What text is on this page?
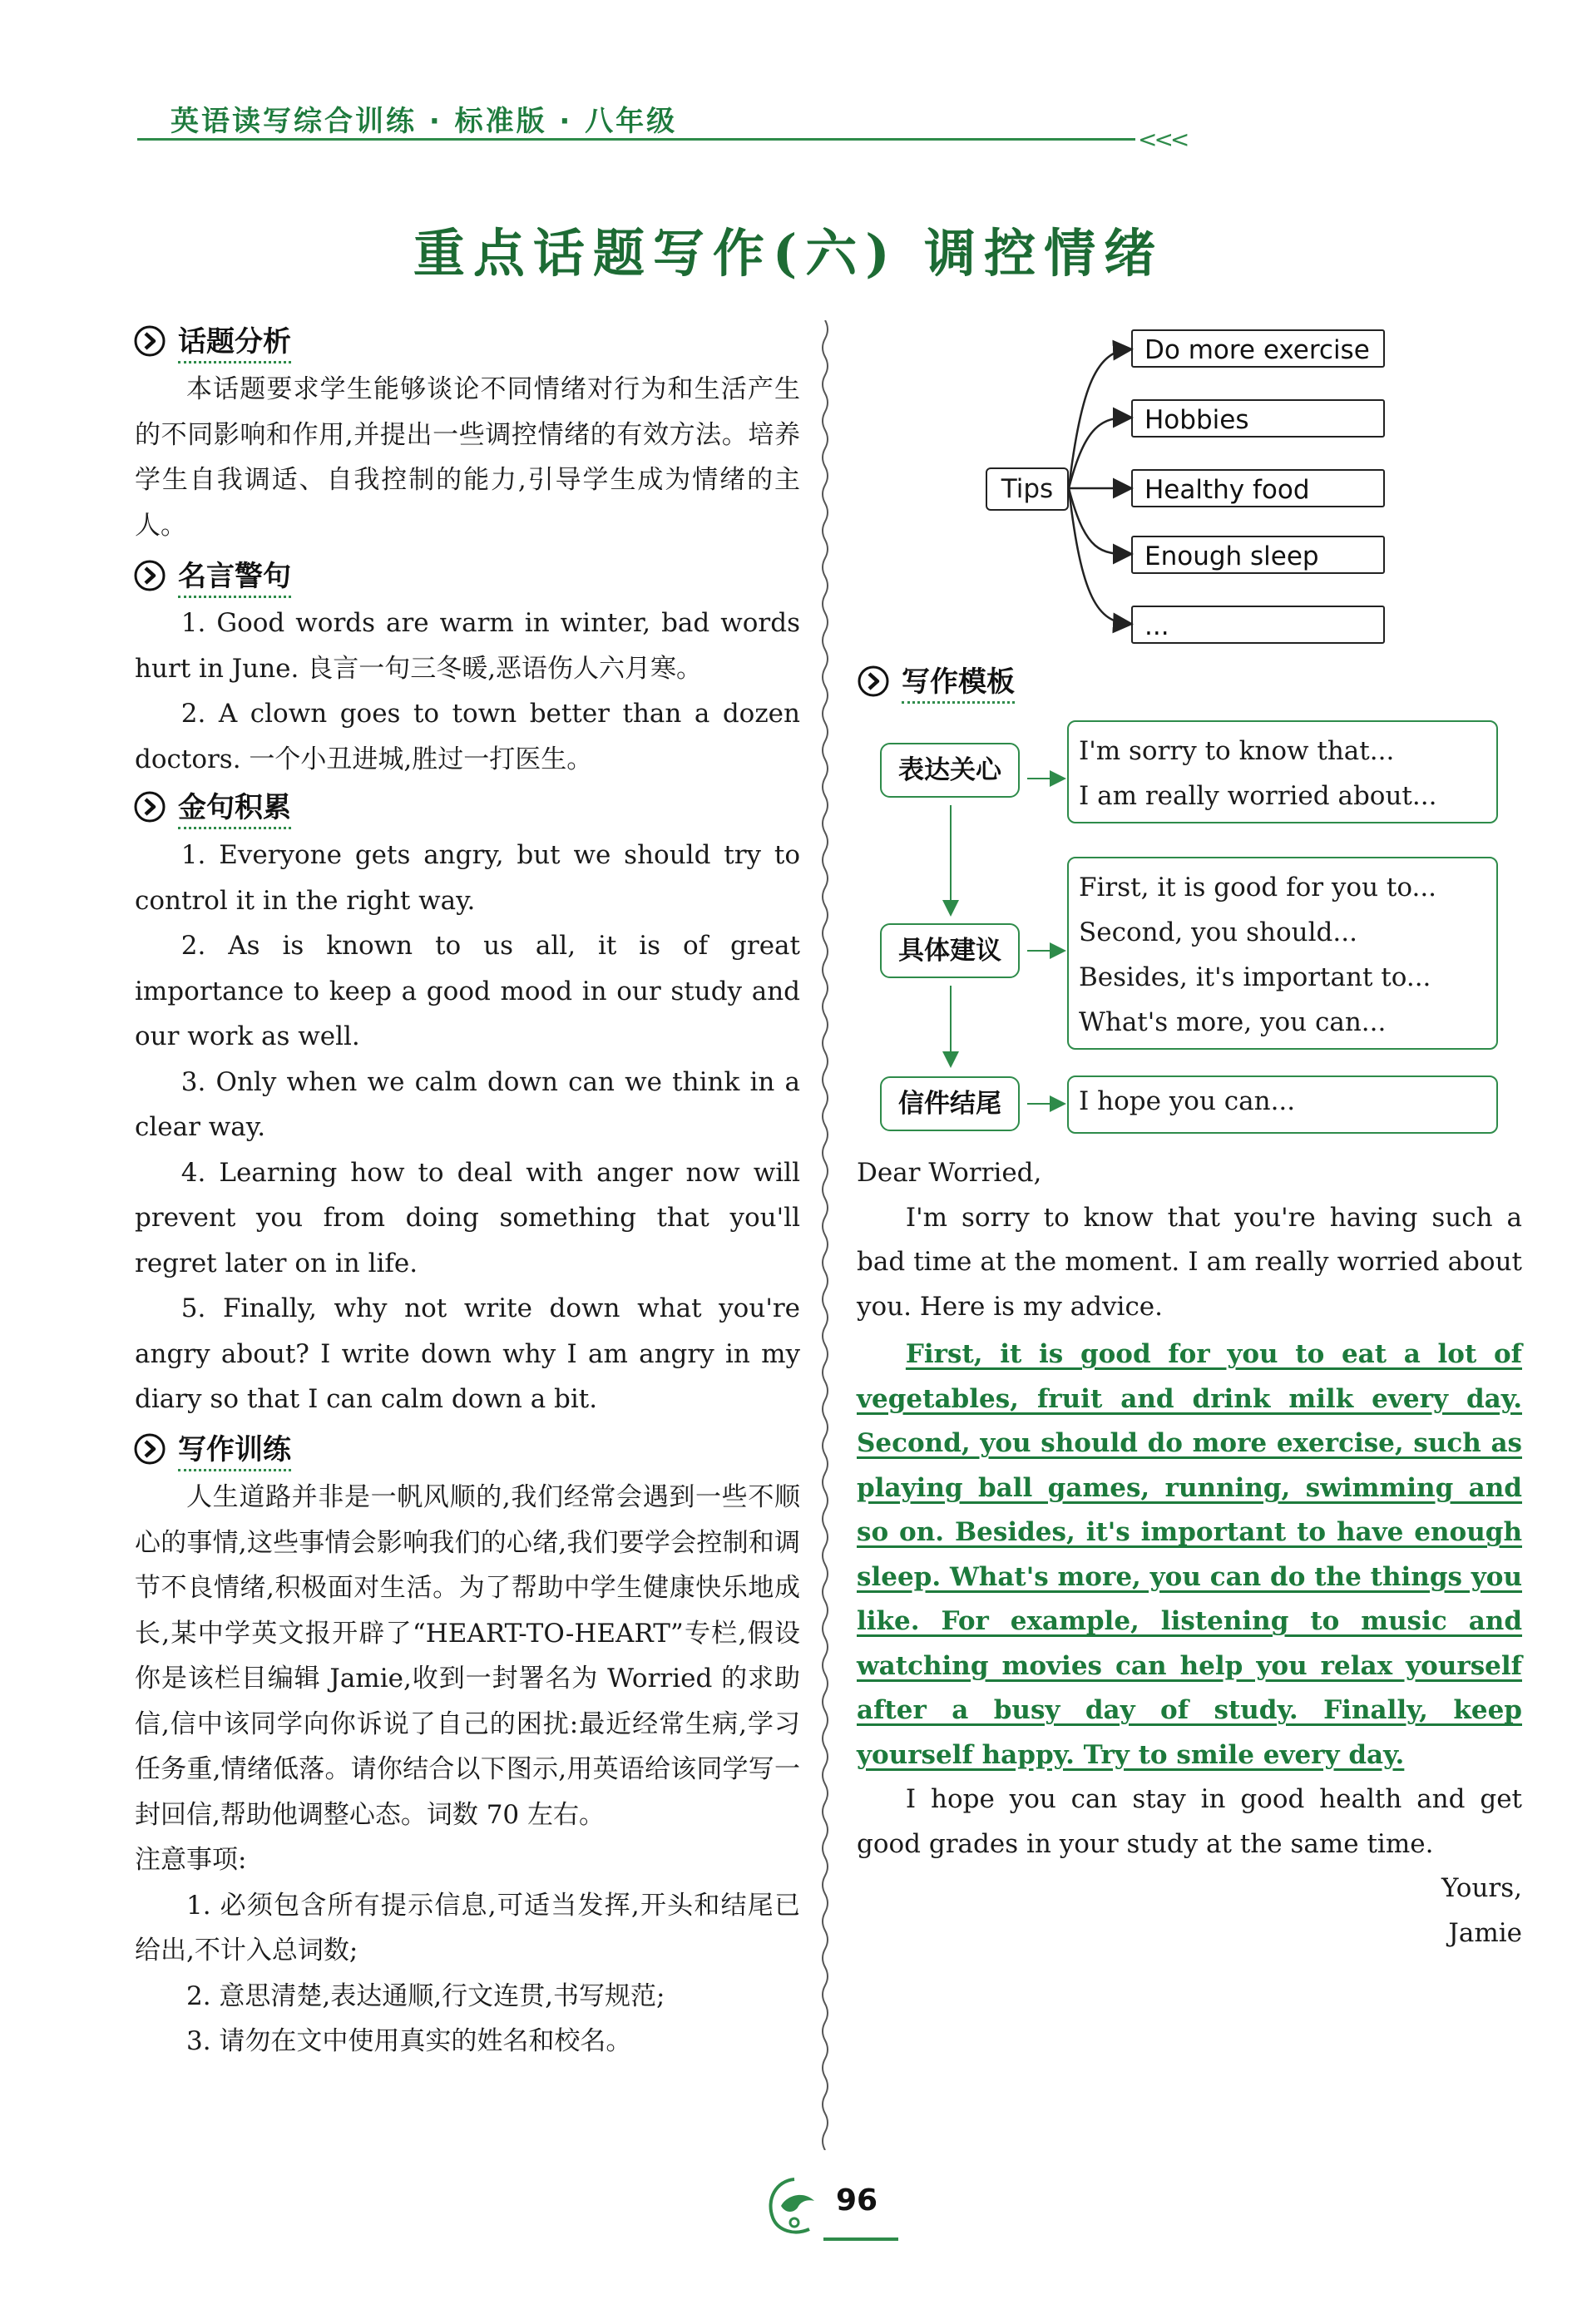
英语读写综合训练 · 标准版 · 八年级
<<<
重点话题写作(六) 调控情绪
话题分析

本话题要求学生能够谈论不同情绪对行为和生活产生的不同影响和作用,并提出一些调控情绪的有效方法。培养学生自我调适、自我控制的能力,引导学生成为情绪的主人。

名言警句

1. Good words are warm in winter, bad words hurt in June. 良言一句三冬暖,恶语伤人六月寒。

2. A clown goes to town better than a dozen doctors. 一个小丑进城,胜过一打医生。

金句积累

1. Everyone gets angry, but we should try to control it in the right way.

2. As is known to us all, it is of great importance to keep a good mood in our study and our work as well.

3. Only when we calm down can we think in a clear way.

4. Learning how to deal with anger now will prevent you from doing something that you'll regret later on in life.

5. Finally, why not write down what you're angry about? I write down why I am angry in my diary so that I can calm down a bit.

写作训练

人生道路并非是一帆风顺的,我们经常会遇到一些不顺心的事情,这些事情会影响我们的心绪,我们要学会控制和调节不良情绪,积极面对生活。为了帮助中学生健康快乐地成长,某中学英文报开辟了“HEART-TO-HEART”专栏,假设你是该栏目编辑 Jamie,收到一封署名为 Worried 的求助信,信中该同学向你诉说了自己的困扰:最近经常生病,学习任务重,情绪低落。请你结合以下图示,用英语给该同学写一封回信,帮助他调整心态。词数 70 左右。

注意事项:

1. 必须包含所有提示信息,可适当发挥,开头和结尾已给出,不计入总词数;

2. 意思清楚,表达通顺,行文连贯,书写规范;

3. 请勿在文中使用真实的姓名和校名。

Tips
Do more exercise
Hobbies
Healthy food
Enough sleep
...
写作模板
表达关心
I'm sorry to know that...
I am really worried about...
具体建议
First, it is good for you to...
Second, you should...
Besides, it's important to...
What's more, you can...
信件结尾	I hope you can...

Dear Worried,

I'm sorry to know that you're having such a bad time at the moment. I am really worried about you. Here is my advice.

First, it is good for you to eat a lot of vegetables, fruit and drink milk every day. Second, you should do more exercise, such as playing ball games, running, swimming and so on. Besides, it's important to have enough sleep. What's more, you can do the things you like. For example, listening to music and watching movies can help you relax yourself after a busy day of study. Finally, keep yourself happy. Try to smile every day.

I hope you can stay in good health and get good grades in your study at the same time.

Yours,

Jamie

96
